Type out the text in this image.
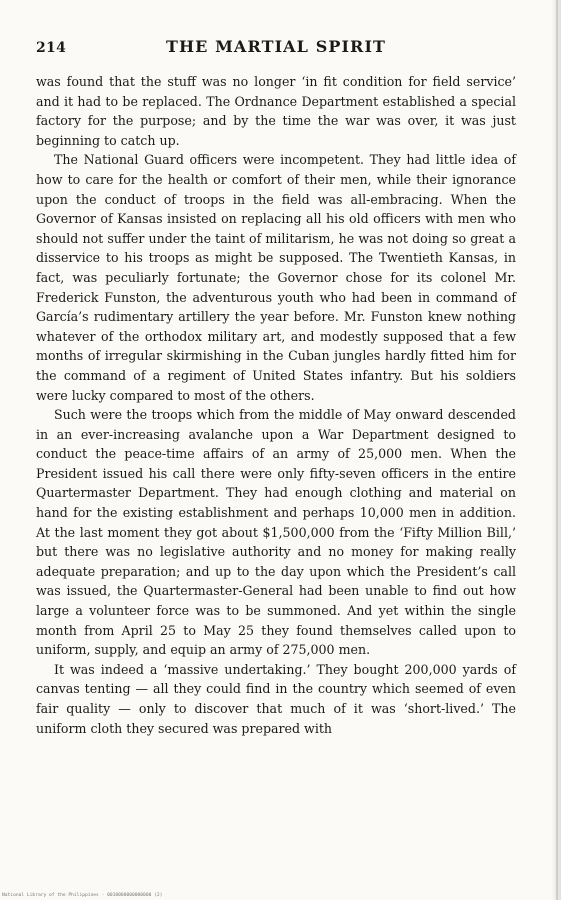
214	THE MARTIAL SPIRIT

was found that the stuff was no longer ‘in fit condition for field service’ and it had to be replaced. The Ordnance Department established a special factory for the purpose; and by the time the war was over, it was just beginning to catch up.

The National Guard officers were incompetent. They had little idea of how to care for the health or comfort of their men, while their ignorance upon the conduct of troops in the field was all-embracing. When the Governor of Kansas insisted on replacing all his old officers with men who should not suffer under the taint of militarism, he was not doing so great a disservice to his troops as might be supposed. The Twentieth Kansas, in fact, was peculiarly fortunate; the Governor chose for its colonel Mr. Frederick Funston, the adventurous youth who had been in command of García’s rudimentary artillery the year before. Mr. Funston knew nothing whatever of the orthodox military art, and modestly supposed that a few months of irregular skirmishing in the Cuban jungles hardly fitted him for the command of a regiment of United States infantry. But his soldiers were lucky compared to most of the others.

Such were the troops which from the middle of May onward descended in an ever-increasing avalanche upon a War Department designed to conduct the peace-time affairs of an army of 25,000 men. When the President issued his call there were only fifty-seven officers in the entire Quartermaster Department. They had enough clothing and material on hand for the existing establishment and perhaps 10,000 men in addition. At the last moment they got about $1,500,000 from the ‘Fifty Million Bill,’ but there was no legislative authority and no money for making really adequate preparation; and up to the day upon which the President’s call was issued, the Quartermaster-General had been unable to find out how large a volunteer force was to be summoned. And yet within the single month from April 25 to May 25 they found themselves called upon to uniform, supply, and equip an army of 275,000 men.

It was indeed a ‘massive undertaking.’ They bought 200,000 yards of canvas tenting — all they could find in the country which seemed of even fair quality — only to discover that much of it was ‘short-lived.’ The uniform cloth they secured was prepared with

National Library of the Philippines · 0010000000000000 (2)
